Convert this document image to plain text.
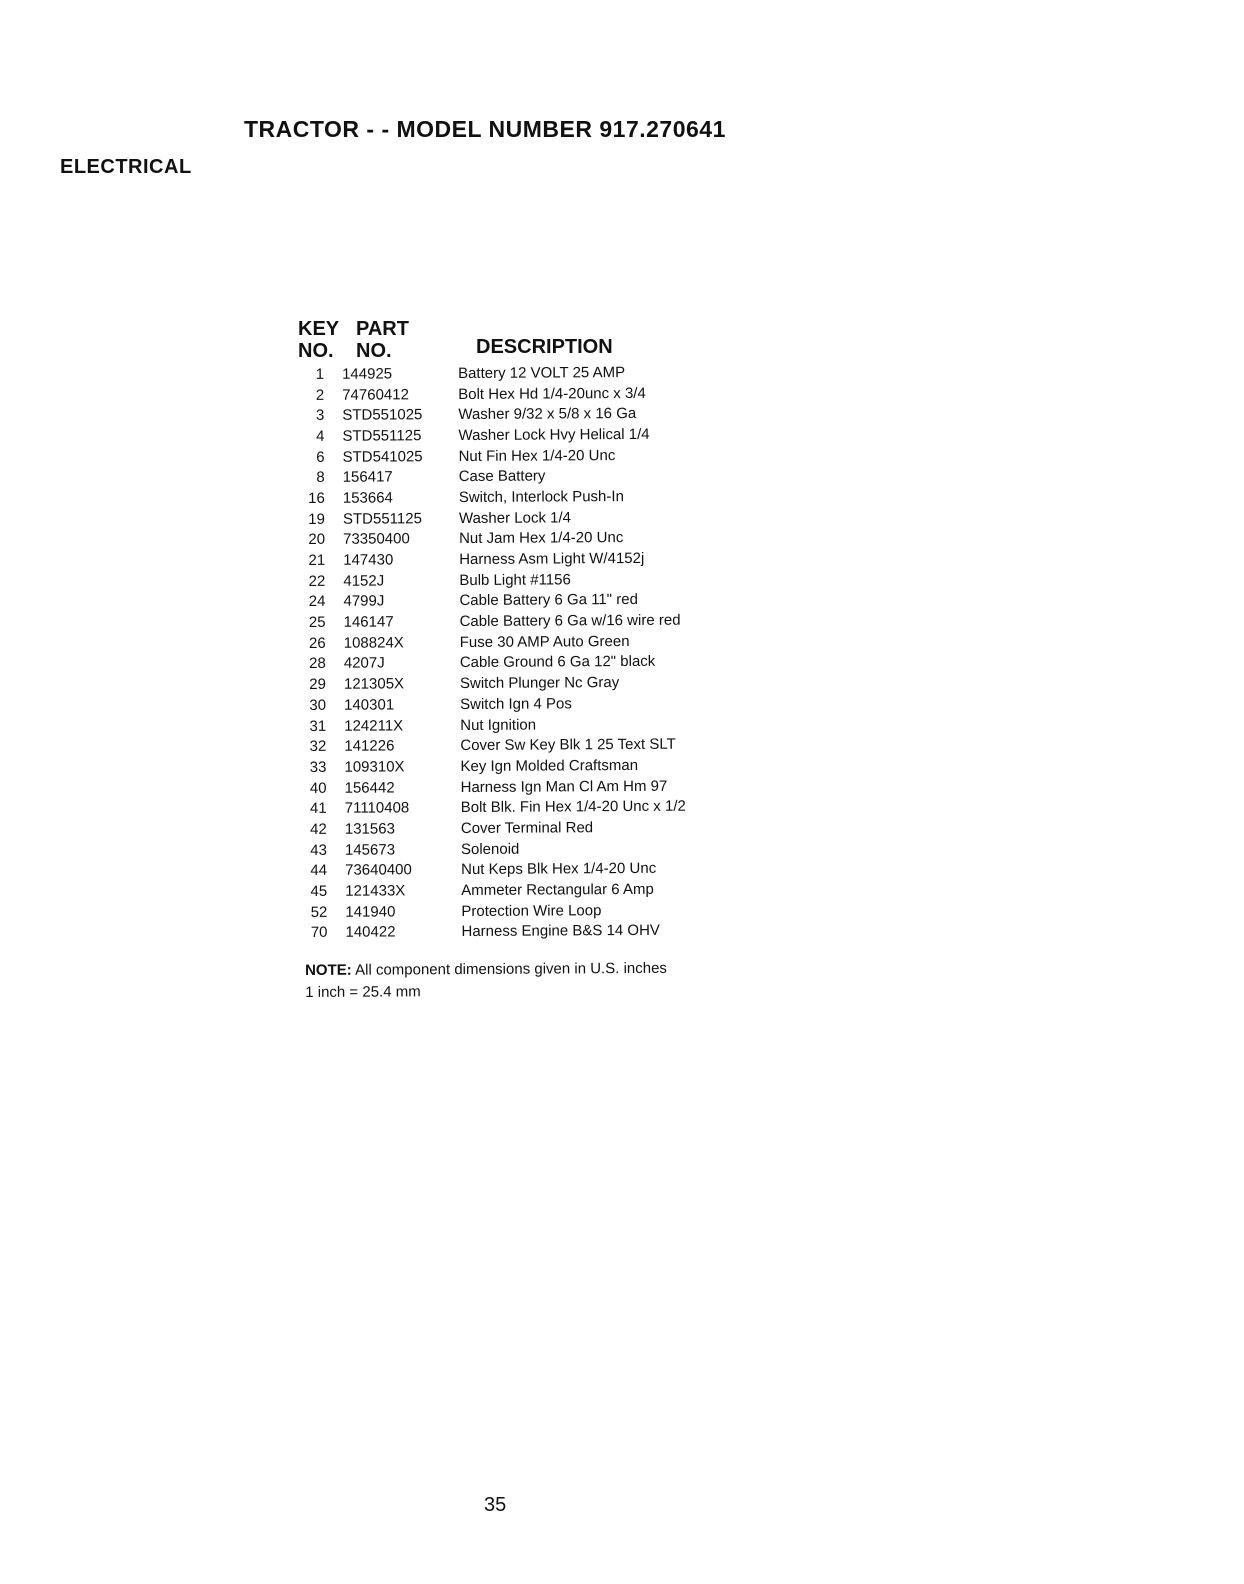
TRACTOR - - MODEL NUMBER 917.270641
ELECTRICAL
KEY
NO.
PART
NO.	DESCRIPTION
1	144925	Battery 12 VOLT 25 AMP
2	74760412	Bolt Hex Hd 1/4-20unc x 3/4
3	STD551025	Washer 9/32 x 5/8 x 16 Ga
4	STD551125	Washer Lock Hvy Helical 1/4
6	STD541025	Nut Fin Hex 1/4-20 Unc
8	156417	Case Battery
16	153664	Switch, Interlock Push-In
19	STD551125	Washer Lock 1/4
20	73350400	Nut Jam Hex 1/4-20 Unc
21	147430	Harness Asm Light W/4152j
22	4152J	Bulb Light #1156
24	4799J	Cable Battery 6 Ga 11" red
25	146147	Cable Battery 6 Ga w/16 wire red
26	108824X	Fuse 30 AMP Auto Green
28	4207J	Cable Ground 6 Ga 12" black
29	121305X	Switch Plunger Nc Gray
30	140301	Switch Ign 4 Pos
31	124211X	Nut Ignition
32	141226	Cover Sw Key Blk 1 25 Text SLT
33	109310X	Key Ign Molded Craftsman
40	156442	Harness Ign Man Cl Am Hm 97
41	71110408	Bolt Blk. Fin Hex 1/4-20 Unc x 1/2
42	131563	Cover Terminal Red
43	145673	Solenoid
44	73640400	Nut Keps Blk Hex 1/4-20 Unc
45	121433X	Ammeter Rectangular 6 Amp
52	141940	Protection Wire Loop
70	140422	Harness Engine B&S 14 OHV
NOTE: All component dimensions given in U.S. inches
1 inch = 25.4 mm
35
